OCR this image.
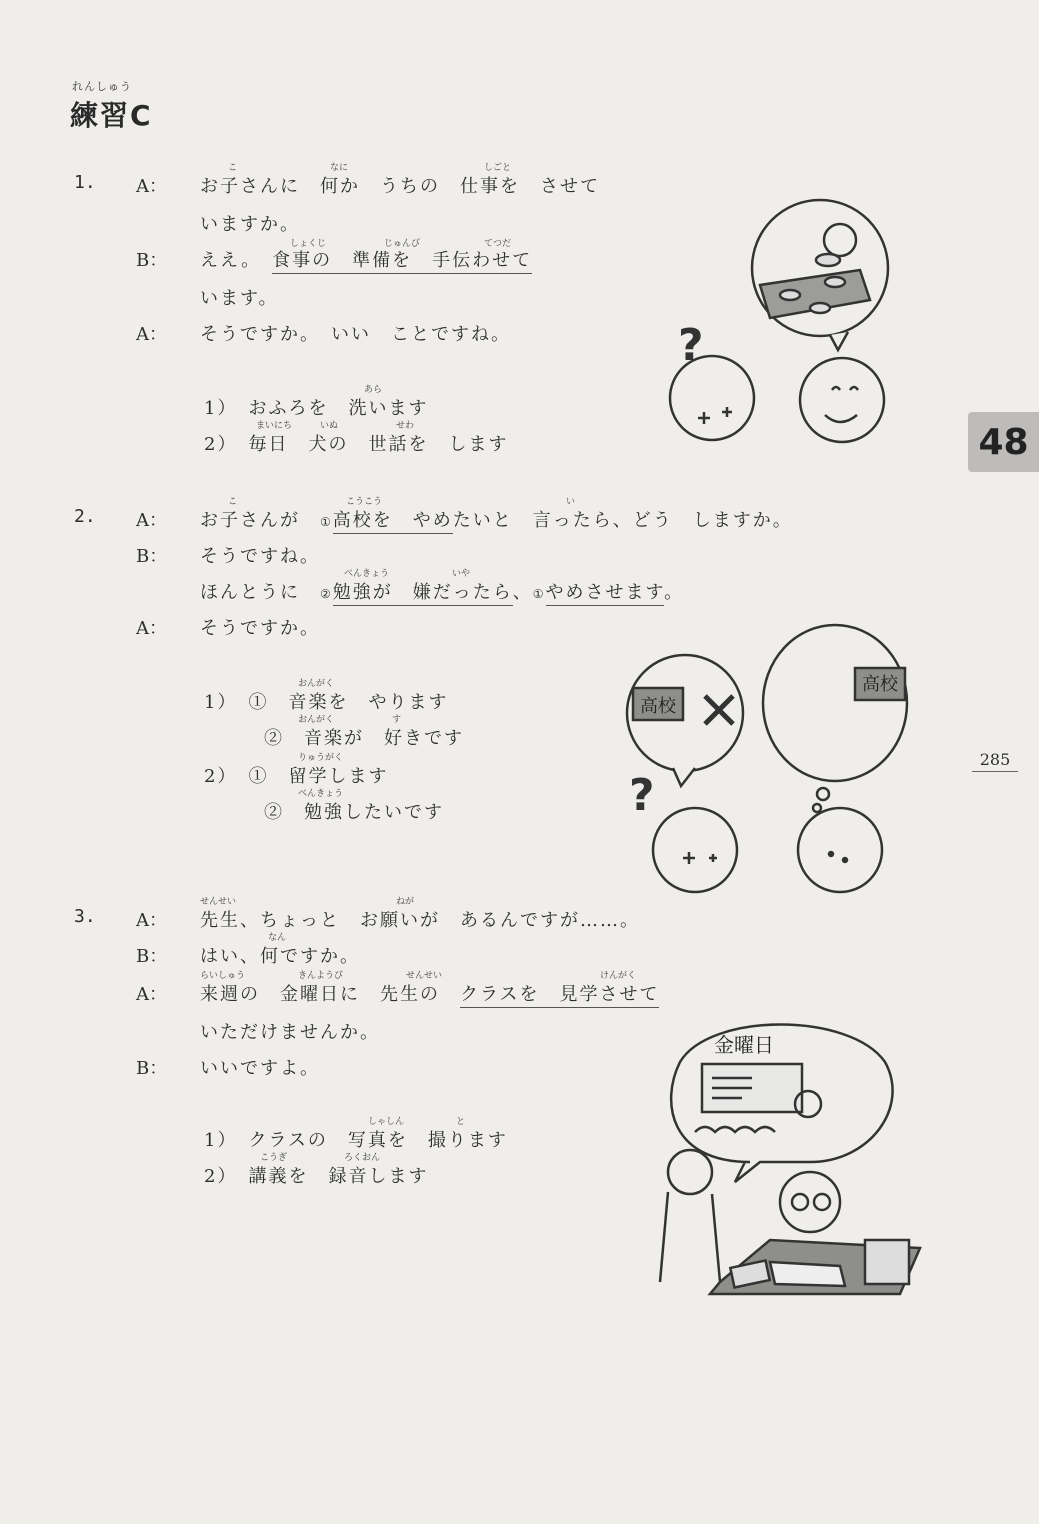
れんしゅう
練習C
48
285
1.
こ	なに	しごと
A： お子さんに　何か　うちの　仕事を　させて
いますか。
しょくじ	じゅんび	てつだ
B： ええ。　 食事の　準備を　手伝わせて
います。
A： そうですか。　いい　ことですね。
あら
1）　おふろを　洗います
まいにち	いぬ	せわ
2）　毎日　犬の　世話を　します
?
2.
こ	こうこう	い
A： お子さんが　①高校を　やめたいと　言ったら、どう　しますか。
B： そうですね。
べんきょう	いや
ほんとうに　②勉強が　嫌だったら、①やめさせます。
A： そうですか。
おんがく
1）　①　音楽を　やります
おんがく	す
　　　②　音楽が　好きです
りゅうがく
2）　①　留学します
べんきょう
　　　②　勉強したいです
高校
高校
?
3.
せんせい	ねが
A： 先生、ちょっと　お願いが　あるんですが……。
なん
B： はい、何ですか。
らいしゅう	きんようび	せんせい	けんがく
A： 来週の　金曜日に　先生の　クラスを　見学させて
いただけませんか。
B： いいですよ。
しゃしん	と
1）　クラスの　写真を　撮ります
こうぎ	ろくおん
2）　講義を　録音します
金曜日
